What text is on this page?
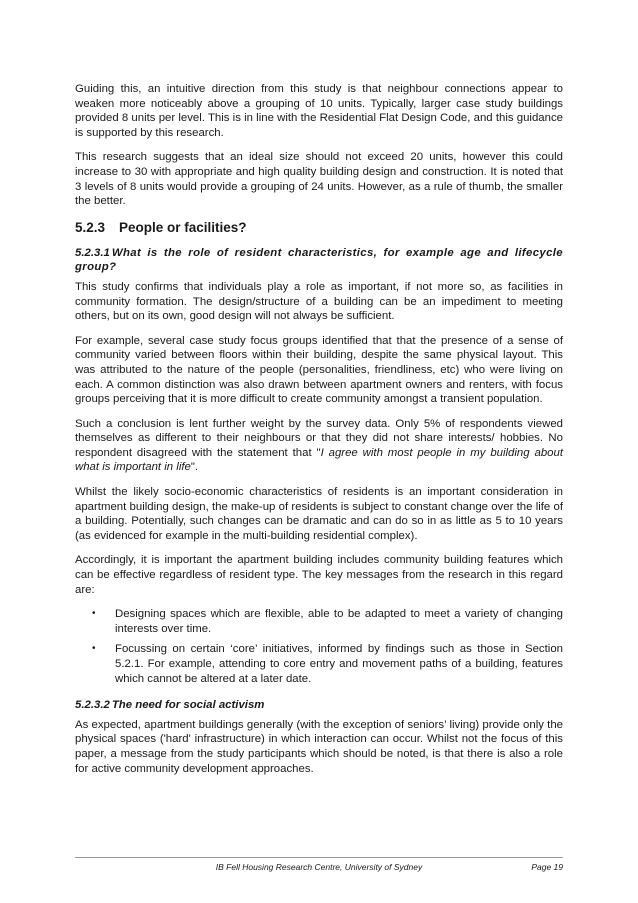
Guiding this, an intuitive direction from this study is that neighbour connections appear to weaken more noticeably above a grouping of 10 units. Typically, larger case study buildings provided 8 units per level. This is in line with the Residential Flat Design Code, and this guidance is supported by this research.

This research suggests that an ideal size should not exceed 20 units, however this could increase to 30 with appropriate and high quality building design and construction. It is noted that 3 levels of 8 units would provide a grouping of 24 units. However, as a rule of thumb, the smaller the better.

5.2.3 People or facilities?
5.2.3.1 What is the role of resident characteristics, for example age and lifecycle group?

This study confirms that individuals play a role as important, if not more so, as facilities in community formation. The design/structure of a building can be an impediment to meeting others, but on its own, good design will not always be sufficient.

For example, several case study focus groups identified that that the presence of a sense of community varied between floors within their building, despite the same physical layout. This was attributed to the nature of the people (personalities, friendliness, etc) who were living on each. A common distinction was also drawn between apartment owners and renters, with focus groups perceiving that it is more difficult to create community amongst a transient population.

Such a conclusion is lent further weight by the survey data. Only 5% of respondents viewed themselves as different to their neighbours or that they did not share interests/ hobbies. No respondent disagreed with the statement that "I agree with most people in my building about what is important in life".

Whilst the likely socio-economic characteristics of residents is an important consideration in apartment building design, the make-up of residents is subject to constant change over the life of a building. Potentially, such changes can be dramatic and can do so in as little as 5 to 10 years (as evidenced for example in the multi-building residential complex).

Accordingly, it is important the apartment building includes community building features which can be effective regardless of resident type. The key messages from the research in this regard are:

• Designing spaces which are flexible, able to be adapted to meet a variety of changing interests over time.
• Focussing on certain ‘core’ initiatives, informed by findings such as those in Section 5.2.1. For example, attending to core entry and movement paths of a building, features which cannot be altered at a later date.
5.2.3.2 The need for social activism

As expected, apartment buildings generally (with the exception of seniors’ living) provide only the physical spaces ('hard' infrastructure) in which interaction can occur. Whilst not the focus of this paper, a message from the study participants which should be noted, is that there is also a role for active community development approaches.

IB Fell Housing Research Centre, University of Sydney	Page 19
